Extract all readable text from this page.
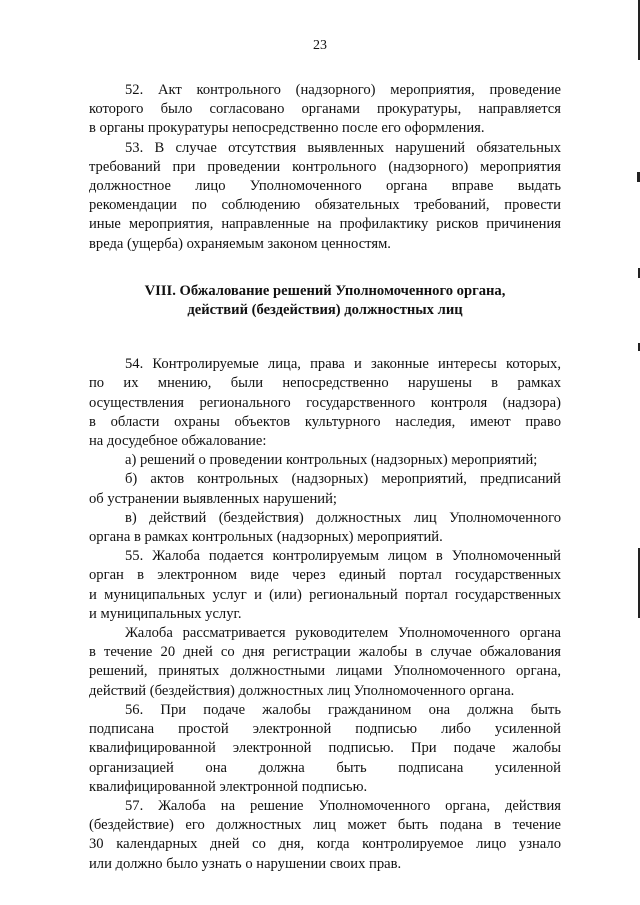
23
52. Акт контрольного (надзорного) мероприятия, проведение
которого было согласовано органами прокуратуры, направляется
в органы прокуратуры непосредственно после его оформления.
53. В случае отсутствия выявленных нарушений обязательных
требований при проведении контрольного (надзорного) мероприятия
должностное лицо Уполномоченного органа вправе выдать
рекомендации по соблюдению обязательных требований, провести
иные мероприятия, направленные на профилактику рисков причинения
вреда (ущерба) охраняемым законом ценностям.
VIII. Обжалование решений Уполномоченного органа,
действий (бездействия) должностных лиц
54. Контролируемые лица, права и законные интересы которых,
по их мнению, были непосредственно нарушены в рамках
осуществления регионального государственного контроля (надзора)
в области охраны объектов культурного наследия, имеют право
на досудебное обжалование:
а) решений о проведении контрольных (надзорных) мероприятий;
б) актов контрольных (надзорных) мероприятий, предписаний
об устранении выявленных нарушений;
в) действий (бездействия) должностных лиц Уполномоченного
органа в рамках контрольных (надзорных) мероприятий.
55. Жалоба подается контролируемым лицом в Уполномоченный
орган в электронном виде через единый портал государственных
и муниципальных услуг и (или) региональный портал государственных
и муниципальных услуг.
Жалоба рассматривается руководителем Уполномоченного органа
в течение 20 дней со дня регистрации жалобы в случае обжалования
решений, принятых должностными лицами Уполномоченного органа,
действий (бездействия) должностных лиц Уполномоченного органа.
56. При подаче жалобы гражданином она должна быть
подписана простой электронной подписью либо усиленной
квалифицированной электронной подписью. При подаче жалобы
организацией она должна быть подписана усиленной
квалифицированной электронной подписью.
57. Жалоба на решение Уполномоченного органа, действия
(бездействие) его должностных лиц может быть подана в течение
30 календарных дней со дня, когда контролируемое лицо узнало
или должно было узнать о нарушении своих прав.
